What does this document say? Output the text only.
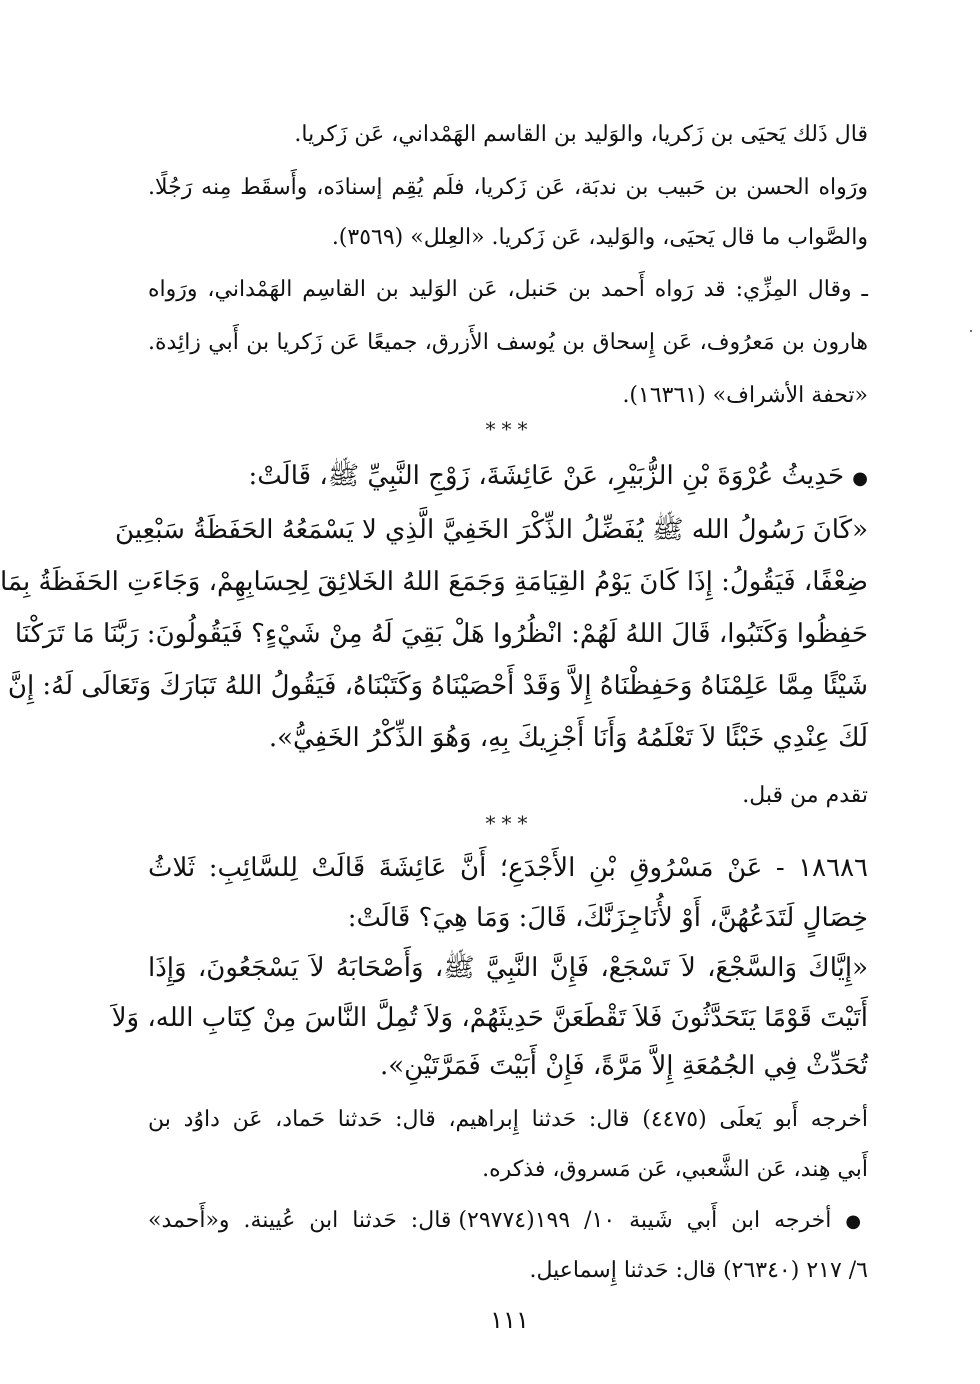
قال ذَلك يَحيَى بن زَكريا، والوَليد بن القاسم الهَمْداني، عَن زَكريا.

ورَواه الحسن بن حَبيب بن ندبَة، عَن زَكريا، فلَم يُقِم إسنادَه، وأَسقَط مِنه رَجُلًا.

والصَّواب ما قال يَحيَى، والوَليد، عَن زَكريا. «العِلل» (٣٥٦٩).

ـ وقال المِزِّي: قد رَواه أَحمد بن حَنبل، عَن الوَليد بن القاسِم الهَمْداني، ورَواه

هارون بن مَعرُوف، عَن إِسحاق بن يُوسف الأَزرق، جميعًا عَن زَكريا بن أَبي زائِدة.

«تحفة الأشراف» (١٦٣٦١).

***

● حَدِيثُ عُرْوَةَ بْنِ الزُّبَيْرِ، عَنْ عَائِشَةَ، زَوْجِ النَّبِيِّ ﷺ، قَالَتْ:

«كَانَ رَسُولُ الله ﷺ يُفَضِّلُ الذِّكْرَ الخَفِيَّ الَّذِي لا يَسْمَعُهُ الحَفَظَةُ سَبْعِينَ

ضِعْفًا، فَيَقُولُ: إِذَا كَانَ يَوْمُ القِيَامَةِ وَجَمَعَ اللهُ الخَلائِقَ لِحِسَابِهِمْ، وَجَاءَتِ الحَفَظَةُ بِمَا

حَفِظُوا وَكَتَبُوا، قَالَ اللهُ لَهُمْ: انْظُرُوا هَلْ بَقِيَ لَهُ مِنْ شَيْءٍ؟ فَيَقُولُونَ: رَبَّنَا مَا تَرَكْنَا

شَيْئًا مِمَّا عَلِمْنَاهُ وَحَفِظْنَاهُ إِلاَّ وَقَدْ أَحْصَيْنَاهُ وَكَتَبْنَاهُ، فَيَقُولُ اللهُ تَبَارَكَ وَتَعَالَى لَهُ: إِنَّ

لَكَ عِنْدِي خَبْئًا لاَ تَعْلَمُهُ وَأَنَا أَجْزِيكَ بِهِ، وَهُوَ الذِّكْرُ الخَفِيُّ».

تقدم من قبل.

***

١٨٦٨٦ - عَنْ مَسْرُوقِ بْنِ الأَجْدَعِ؛ أَنَّ عَائِشَةَ قَالَتْ لِلسَّائِبِ: ثَلاثُ

خِصَالٍ لَتَدَعُهُنَّ، أَوْ لأُنَاجِزَنَّكَ، قَالَ: وَمَا هِيَ؟ قَالَتْ:

«إِيَّاكَ وَالسَّجْعَ، لاَ تَسْجَعْ، فَإِنَّ النَّبِيَّ ﷺ، وَأَصْحَابَهُ لاَ يَسْجَعُونَ، وَإِذَا

أَتَيْتَ قَوْمًا يَتَحَدَّثُونَ فَلاَ تَقْطَعَنَّ حَدِيثَهُمْ، وَلاَ تُمِلَّ النَّاسَ مِنْ كِتَابِ الله، وَلاَ

تُحَدِّثْ فِي الجُمُعَةِ إِلاَّ مَرَّةً، فَإِنْ أَبَيْتَ فَمَرَّتَيْنِ».

أخرجه أَبو يَعلَى (٤٤٧٥) قال: حَدثنا إِبراهيم، قال: حَدثنا حَماد، عَن داوُد بن

أَبي هِند، عَن الشَّعبي، عَن مَسروق، فذكره.

● أخرجه ابن أَبي شَيبة ١٠/ ١٩٩(٢٩٧٧٤) قال: حَدثنا ابن عُيينة. و«أَحمد»

٦/ ٢١٧ (٢٦٣٤٠) قال: حَدثنا إِسماعيل.

١١١
